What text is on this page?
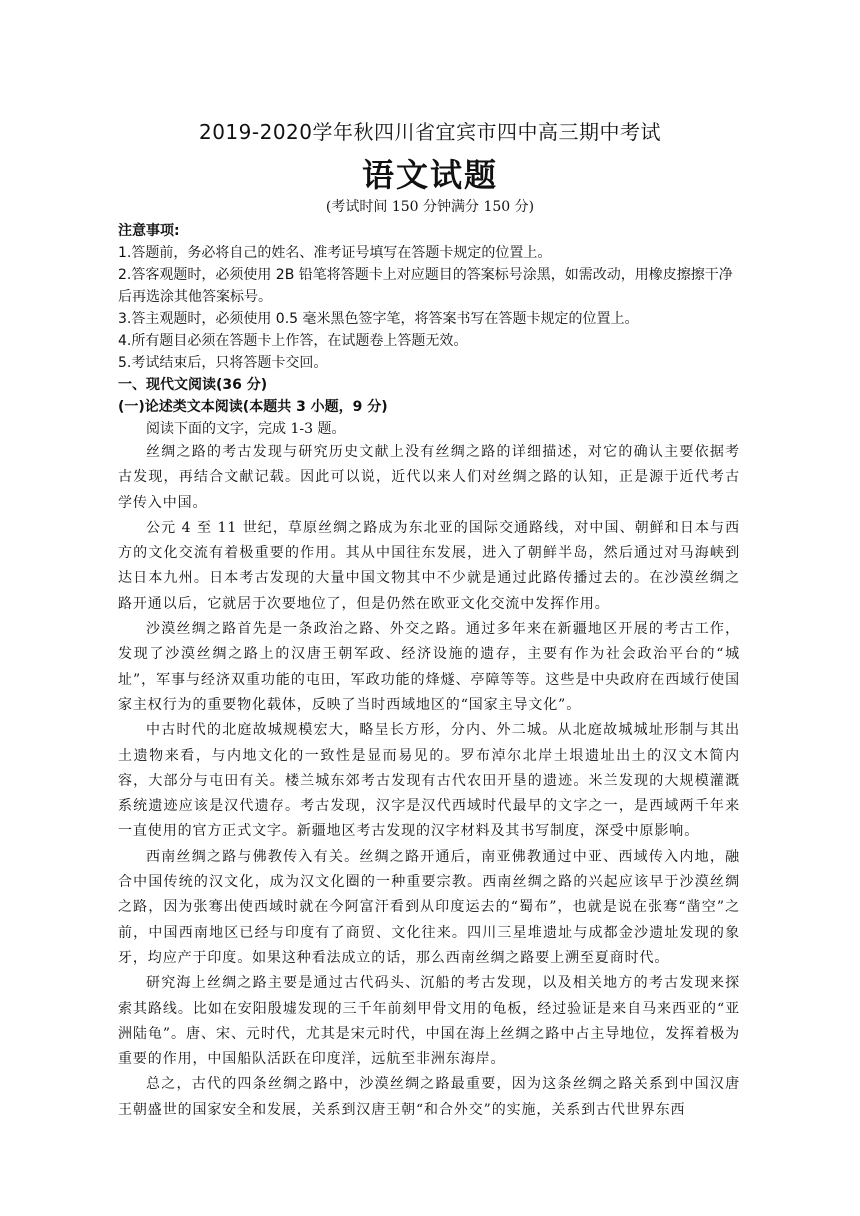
2019-2020学年秋四川省宜宾市四中高三期中考试
语文试题
(考试时间 150 分钟满分 150 分)
注意事项:

1.答题前，务必将自己的姓名、准考证号填写在答题卡规定的位置上。

2.答客观题时，必须使用 2B 铅笔将答题卡上对应题目的答案标号涂黑，如需改动，用橡皮擦擦干净后再选涂其他答案标号。

3.答主观题时，必须使用 0.5 毫米黑色签字笔，将答案书写在答题卡规定的位置上。

4.所有题目必须在答题卡上作答，在试题卷上答题无效。

5.考试结束后，只将答题卡交回。

一、现代文阅读(36 分)

(一)论述类文本阅读(本题共 3 小题，9 分)

阅读下面的文字，完成 1-3 题。

丝绸之路的考古发现与研究历史文献上没有丝绸之路的详细描述，对它的确认主要依据考古发现，再结合文献记载。因此可以说，近代以来人们对丝绸之路的认知，正是源于近代考古学传入中国。

公元 4 至 11 世纪，草原丝绸之路成为东北亚的国际交通路线，对中国、朝鲜和日本与西方的文化交流有着极重要的作用。其从中国往东发展，进入了朝鲜半岛，然后通过对马海峡到达日本九州。日本考古发现的大量中国文物其中不少就是通过此路传播过去的。在沙漠丝绸之路开通以后，它就居于次要地位了，但是仍然在欧亚文化交流中发挥作用。

沙漠丝绸之路首先是一条政治之路、外交之路。通过多年来在新疆地区开展的考古工作，发现了沙漠丝绸之路上的汉唐王朝军政、经济设施的遗存，主要有作为社会政治平台的“城址”，军事与经济双重功能的屯田，军政功能的烽燧、亭障等等。这些是中央政府在西域行使国家主权行为的重要物化载体，反映了当时西域地区的“国家主导文化”。

中古时代的北庭故城规模宏大，略呈长方形，分内、外二城。从北庭故城城址形制与其出土遗物来看，与内地文化的一致性是显而易见的。罗布淖尔北岸土垠遗址出土的汉文木简内容，大部分与屯田有关。楼兰城东郊考古发现有古代农田开垦的遗迹。米兰发现的大规模灌溉系统遗迹应该是汉代遗存。考古发现，汉字是汉代西域时代最早的文字之一，是西域两千年来一直使用的官方正式文字。新疆地区考古发现的汉字材料及其书写制度，深受中原影响。

西南丝绸之路与佛教传入有关。丝绸之路开通后，南亚佛教通过中亚、西域传入内地，融合中国传统的汉文化，成为汉文化圈的一种重要宗教。西南丝绸之路的兴起应该早于沙漠丝绸之路，因为张骞出使西域时就在今阿富汗看到从印度运去的“蜀布”，也就是说在张骞“凿空”之前，中国西南地区已经与印度有了商贸、文化往来。四川三星堆遗址与成都金沙遗址发现的象牙，均应产于印度。如果这种看法成立的话，那么西南丝绸之路要上溯至夏商时代。

研究海上丝绸之路主要是通过古代码头、沉船的考古发现，以及相关地方的考古发现来探索其路线。比如在安阳殷墟发现的三千年前刻甲骨文用的龟板，经过验证是来自马来西亚的“亚洲陆龟”。唐、宋、元时代，尤其是宋元时代，中国在海上丝绸之路中占主导地位，发挥着极为重要的作用，中国船队活跃在印度洋，远航至非洲东海岸。

总之，古代的四条丝绸之路中，沙漠丝绸之路最重要，因为这条丝绸之路关系到中国汉唐王朝盛世的国家安全和发展，关系到汉唐王朝“和合外交”的实施，关系到古代世界东西
